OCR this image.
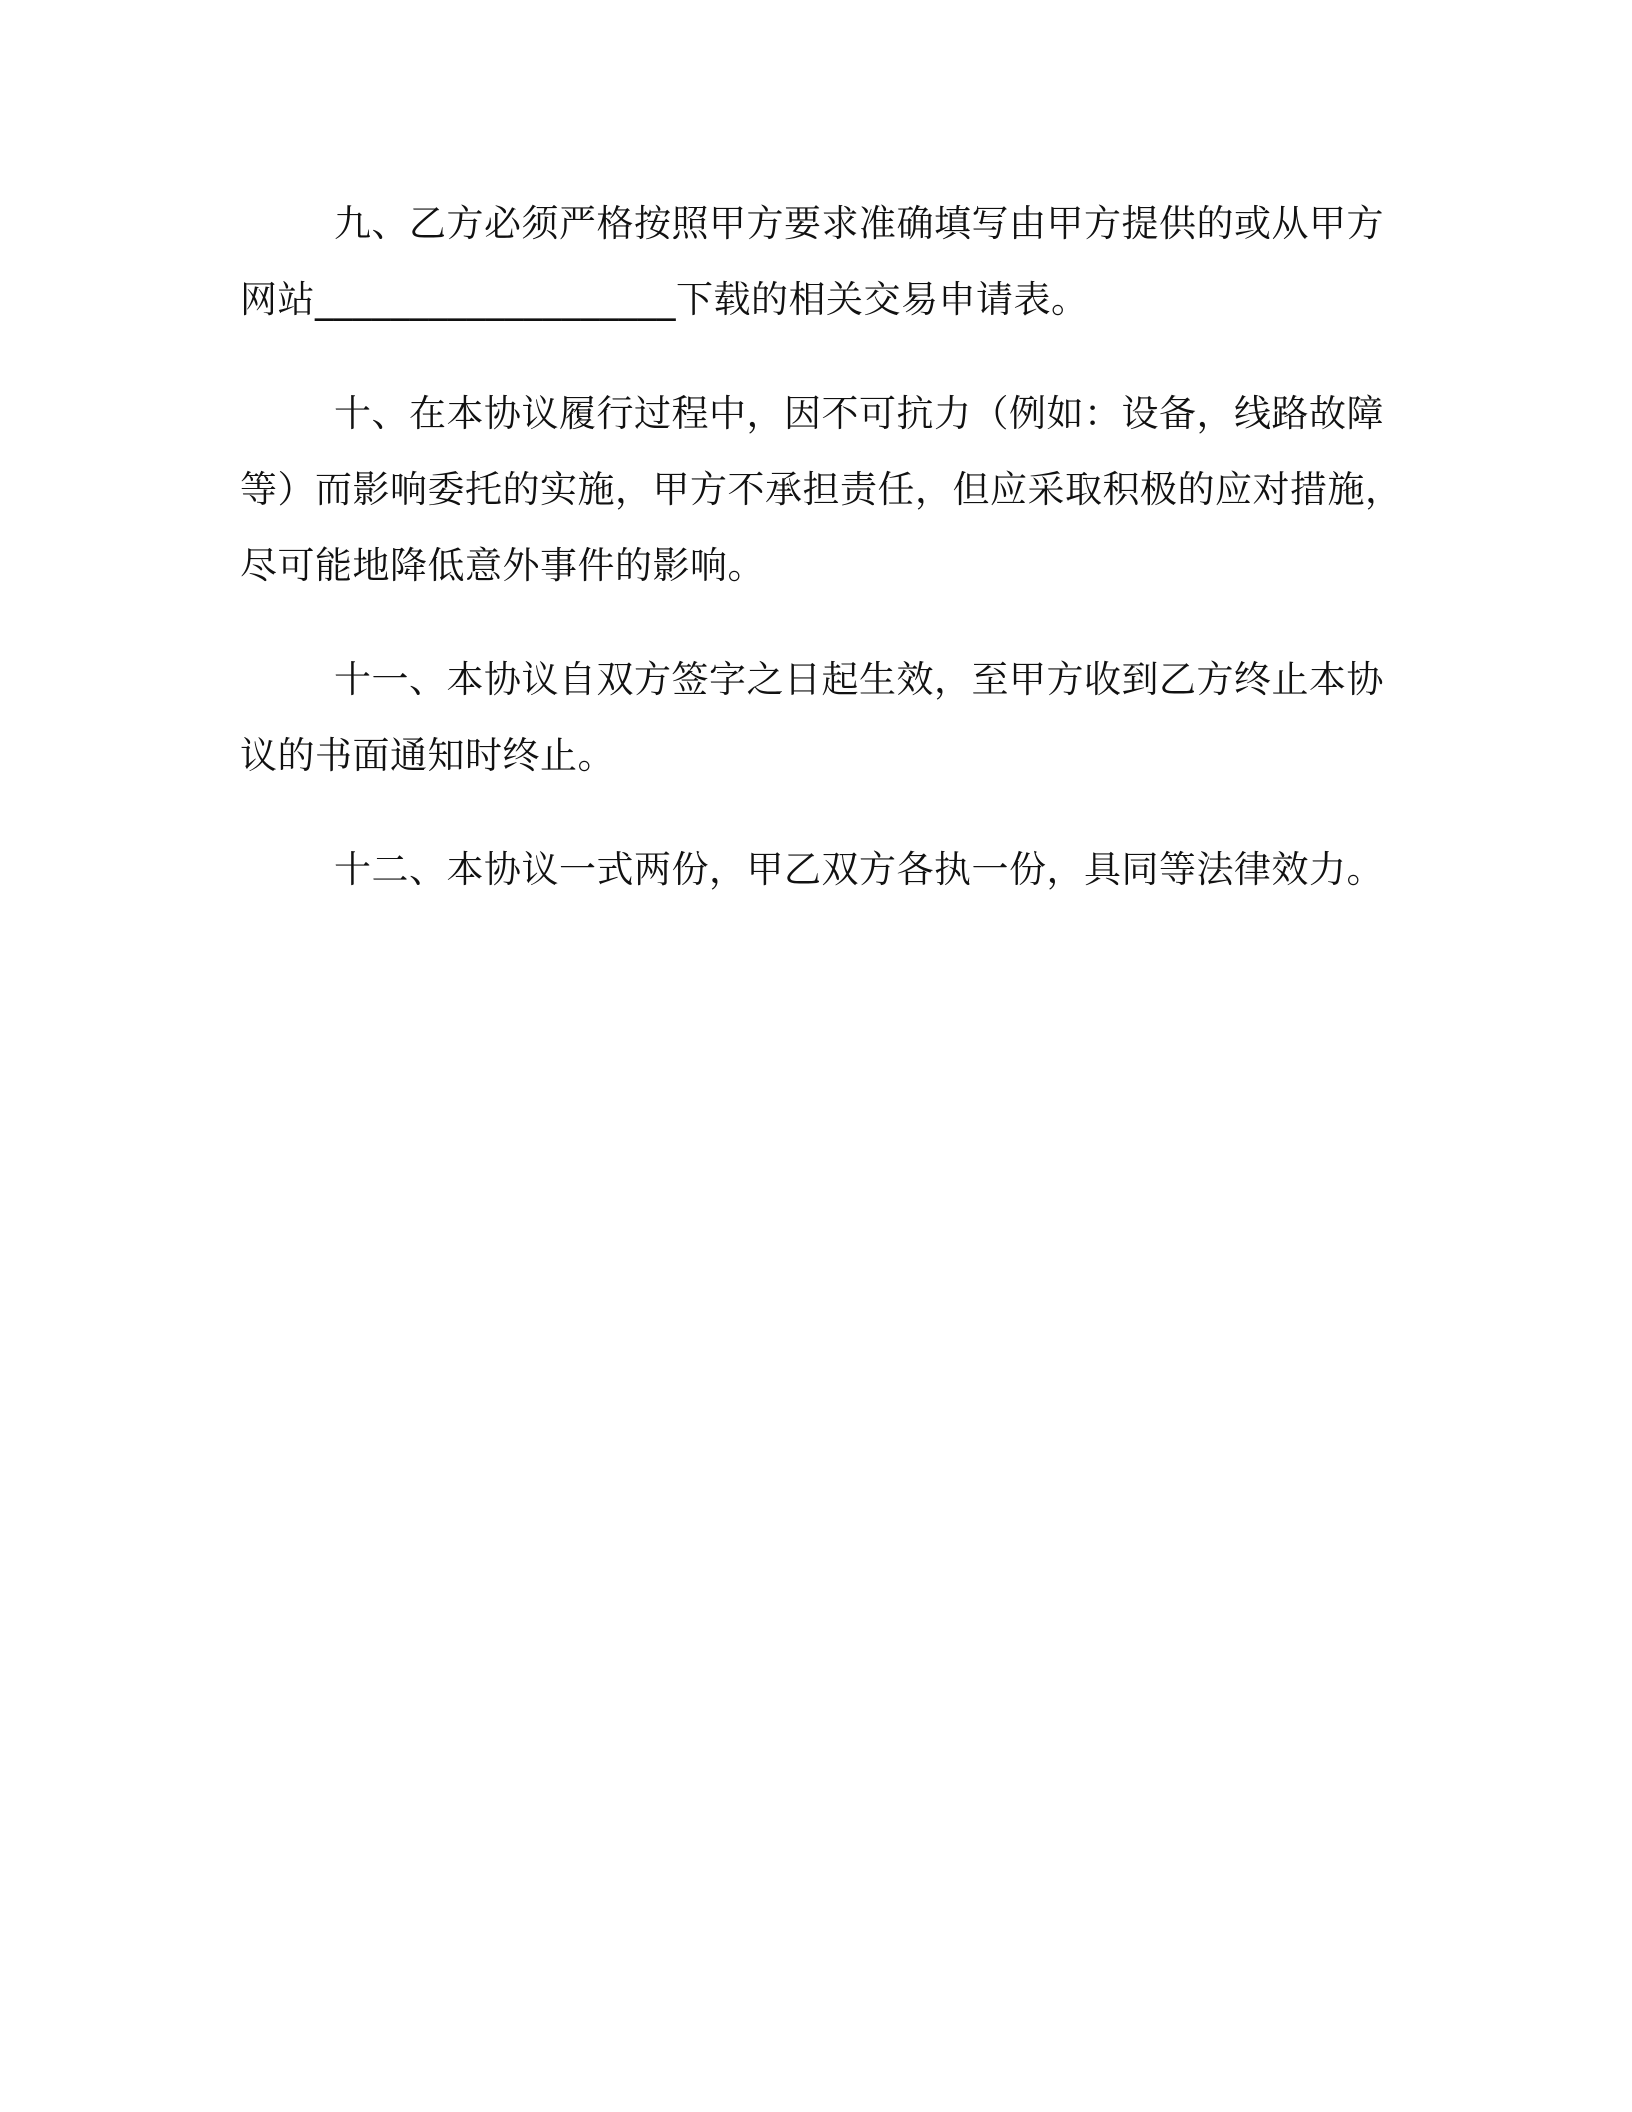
九、乙方必须严格按照甲方要求准确填写由甲方提供的或从甲方
网站___________________下载的相关交易申请表。
十、在本协议履行过程中，因不可抗力（例如：设备，线路故障
等）而影响委托的实施，甲方不承担责任，但应采取积极的应对措施，
尽可能地降低意外事件的影响。
十一、本协议自双方签字之日起生效，至甲方收到乙方终止本协
议的书面通知时终止。
十二、本协议一式两份，甲乙双方各执一份，具同等法律效力。
